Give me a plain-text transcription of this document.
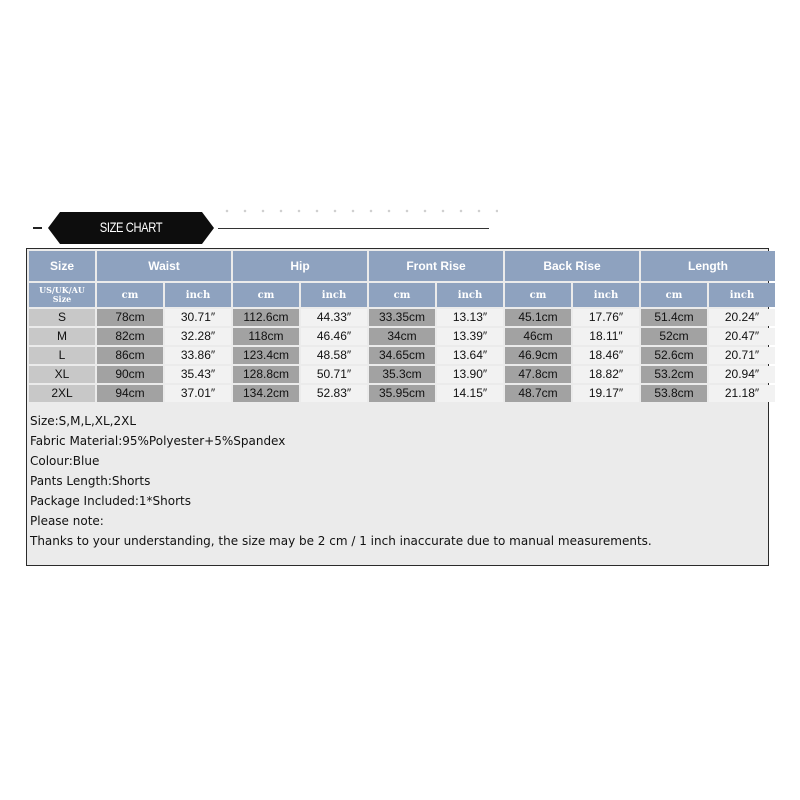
SIZE CHART
Size	Waist		Hip		Front Rise		Back Rise		Length	
US/UK/AU Size	cm	inch	cm	inch	cm	inch	cm	inch	cm	inch
S	78cm	30.71″	112.6cm	44.33″	33.35cm	13.13″	45.1cm	17.76″	51.4cm	20.24″
M	82cm	32.28″	118cm	46.46″	34cm	13.39″	46cm	18.11″	52cm	20.47″
L	86cm	33.86″	123.4cm	48.58″	34.65cm	13.64″	46.9cm	18.46″	52.6cm	20.71″
XL	90cm	35.43″	128.8cm	50.71″	35.3cm	13.90″	47.8cm	18.82″	53.2cm	20.94″
2XL	94cm	37.01″	134.2cm	52.83″	35.95cm	14.15″	48.7cm	19.17″	53.8cm	21.18″
Size:S,M,L,XL,2XL
Fabric Material:95%Polyester+5%Spandex
Colour:Blue
Pants Length:Shorts
Package Included:1*Shorts
Please note:
Thanks to your understanding, the size may be 2 cm / 1 inch inaccurate due to manual measurements.
